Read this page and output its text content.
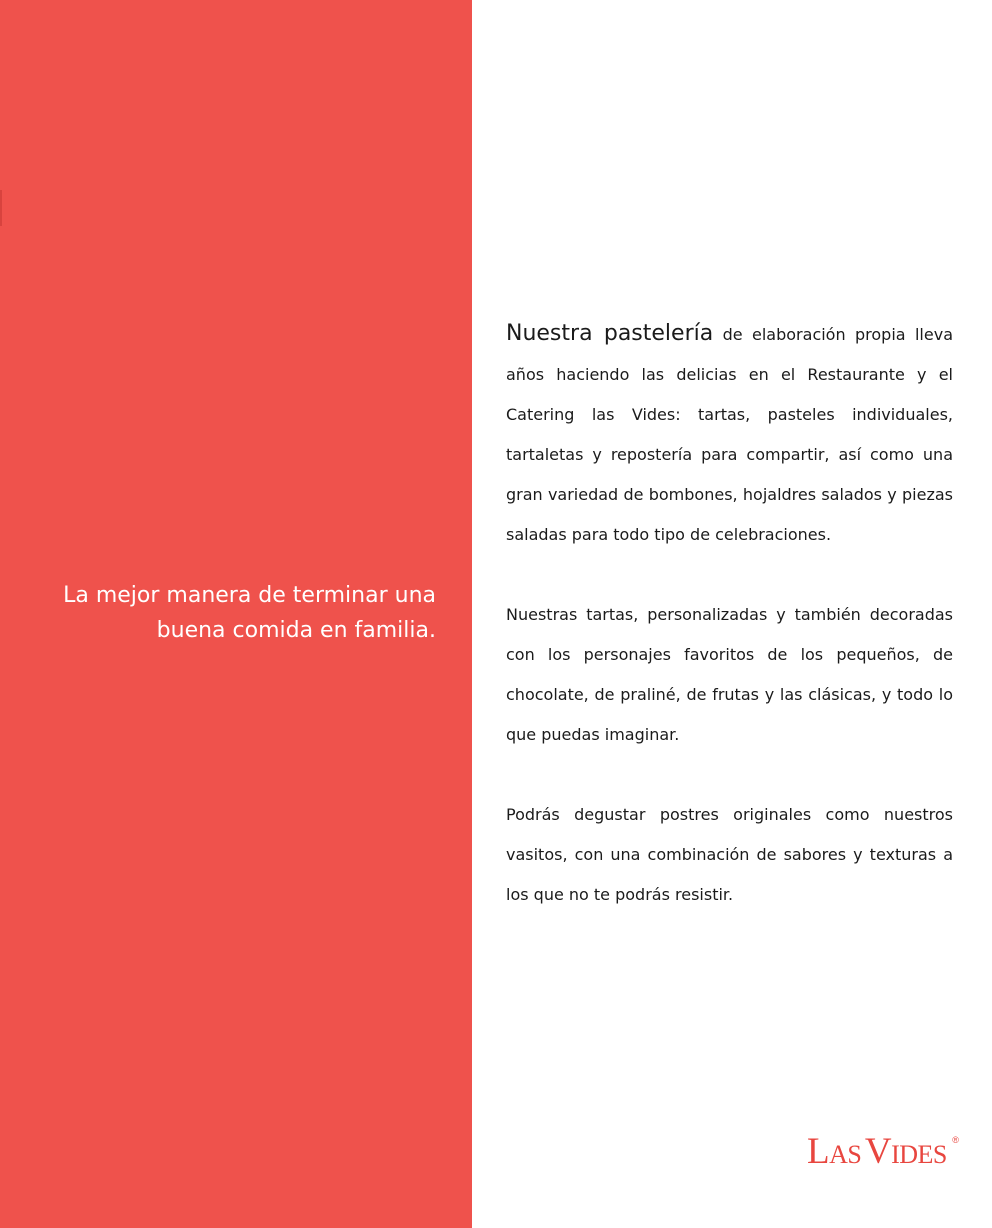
La mejor manera de terminar una
buena comida en familia.

Nuestra pastelería de elaboración propia lleva años haciendo las delicias en el Restaurante y el Catering las Vides: tartas, pasteles individuales, tartaletas y repostería para compartir, así como una gran variedad de bombones, hojaldres salados y piezas saladas para todo tipo de celebraciones.

Nuestras tartas, personalizadas y también decoradas con los personajes favoritos de los pequeños, de chocolate, de praliné, de frutas y las clásicas, y todo lo que puedas imaginar.

Podrás degustar postres originales como nuestros vasitos, con una combinación de sabores y texturas a los que no te podrás resistir.

LAS VIDES ®
